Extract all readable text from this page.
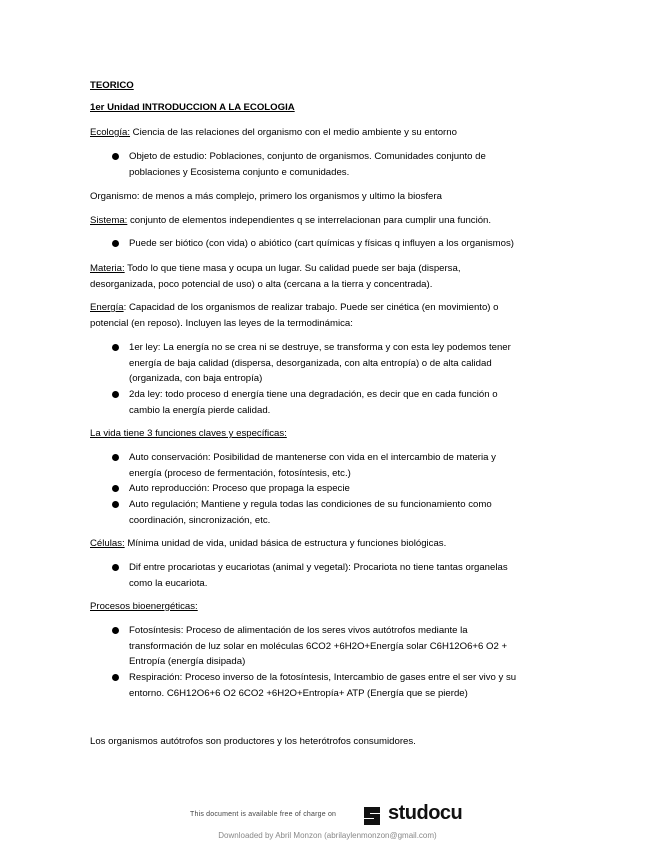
TEORICO
1er Unidad INTRODUCCION A LA ECOLOGIA
Ecología: Ciencia de las relaciones del organismo con el medio ambiente y su entorno
Objeto de estudio: Poblaciones, conjunto de organismos. Comunidades conjunto de
poblaciones y Ecosistema conjunto e comunidades.
Organismo: de menos a más complejo, primero los organismos y ultimo la biosfera
Sistema: conjunto de elementos independientes q se interrelacionan para cumplir una función.
Puede ser biótico (con vida) o abiótico (cart químicas y físicas q influyen a los organismos)
Materia: Todo lo que tiene masa y ocupa un lugar. Su calidad puede ser baja (dispersa,
desorganizada, poco potencial de uso) o alta (cercana a la tierra y concentrada).
Energía: Capacidad de los organismos de realizar trabajo. Puede ser cinética (en movimiento) o
potencial (en reposo). Incluyen las leyes de la termodinámica:
1er ley: La energía no se crea ni se destruye, se transforma y con esta ley podemos tener
energía de baja calidad (dispersa, desorganizada, con alta entropía) o de alta calidad
(organizada, con baja entropía)
2da ley: todo proceso d energía tiene una degradación, es decir que en cada función o
cambio la energía pierde calidad.
La vida tiene 3 funciones claves y específicas:
Auto conservación: Posibilidad de mantenerse con vida en el intercambio de materia y
energía (proceso de fermentación, fotosíntesis, etc.)
Auto reproducción: Proceso que propaga la especie
Auto regulación; Mantiene y regula todas las condiciones de su funcionamiento como
coordinación, sincronización, etc.
Células: Mínima unidad de vida, unidad básica de estructura y funciones biológicas.
Dif entre procariotas y eucariotas (animal y vegetal): Procariota no tiene tantas organelas
como la eucariota.
Procesos bioenergéticas:
Fotosíntesis: Proceso de alimentación de los seres vivos autótrofos mediante la
transformación de luz solar en moléculas 6CO2 +6H2O+Energía solar C6H12O6+6 O2 +
Entropía (energía disipada)
Respiración: Proceso inverso de la fotosíntesis, Intercambio de gases entre el ser vivo y su
entorno. C6H12O6+6 O2 6CO2 +6H2O+Entropía+ ATP (Energía que se pierde)
Los organismos autótrofos son productores y los heterótrofos consumidores.
This document is available free of charge on	studocu
Downloaded by Abril Monzon (abrilaylenmonzon@gmail.com)
